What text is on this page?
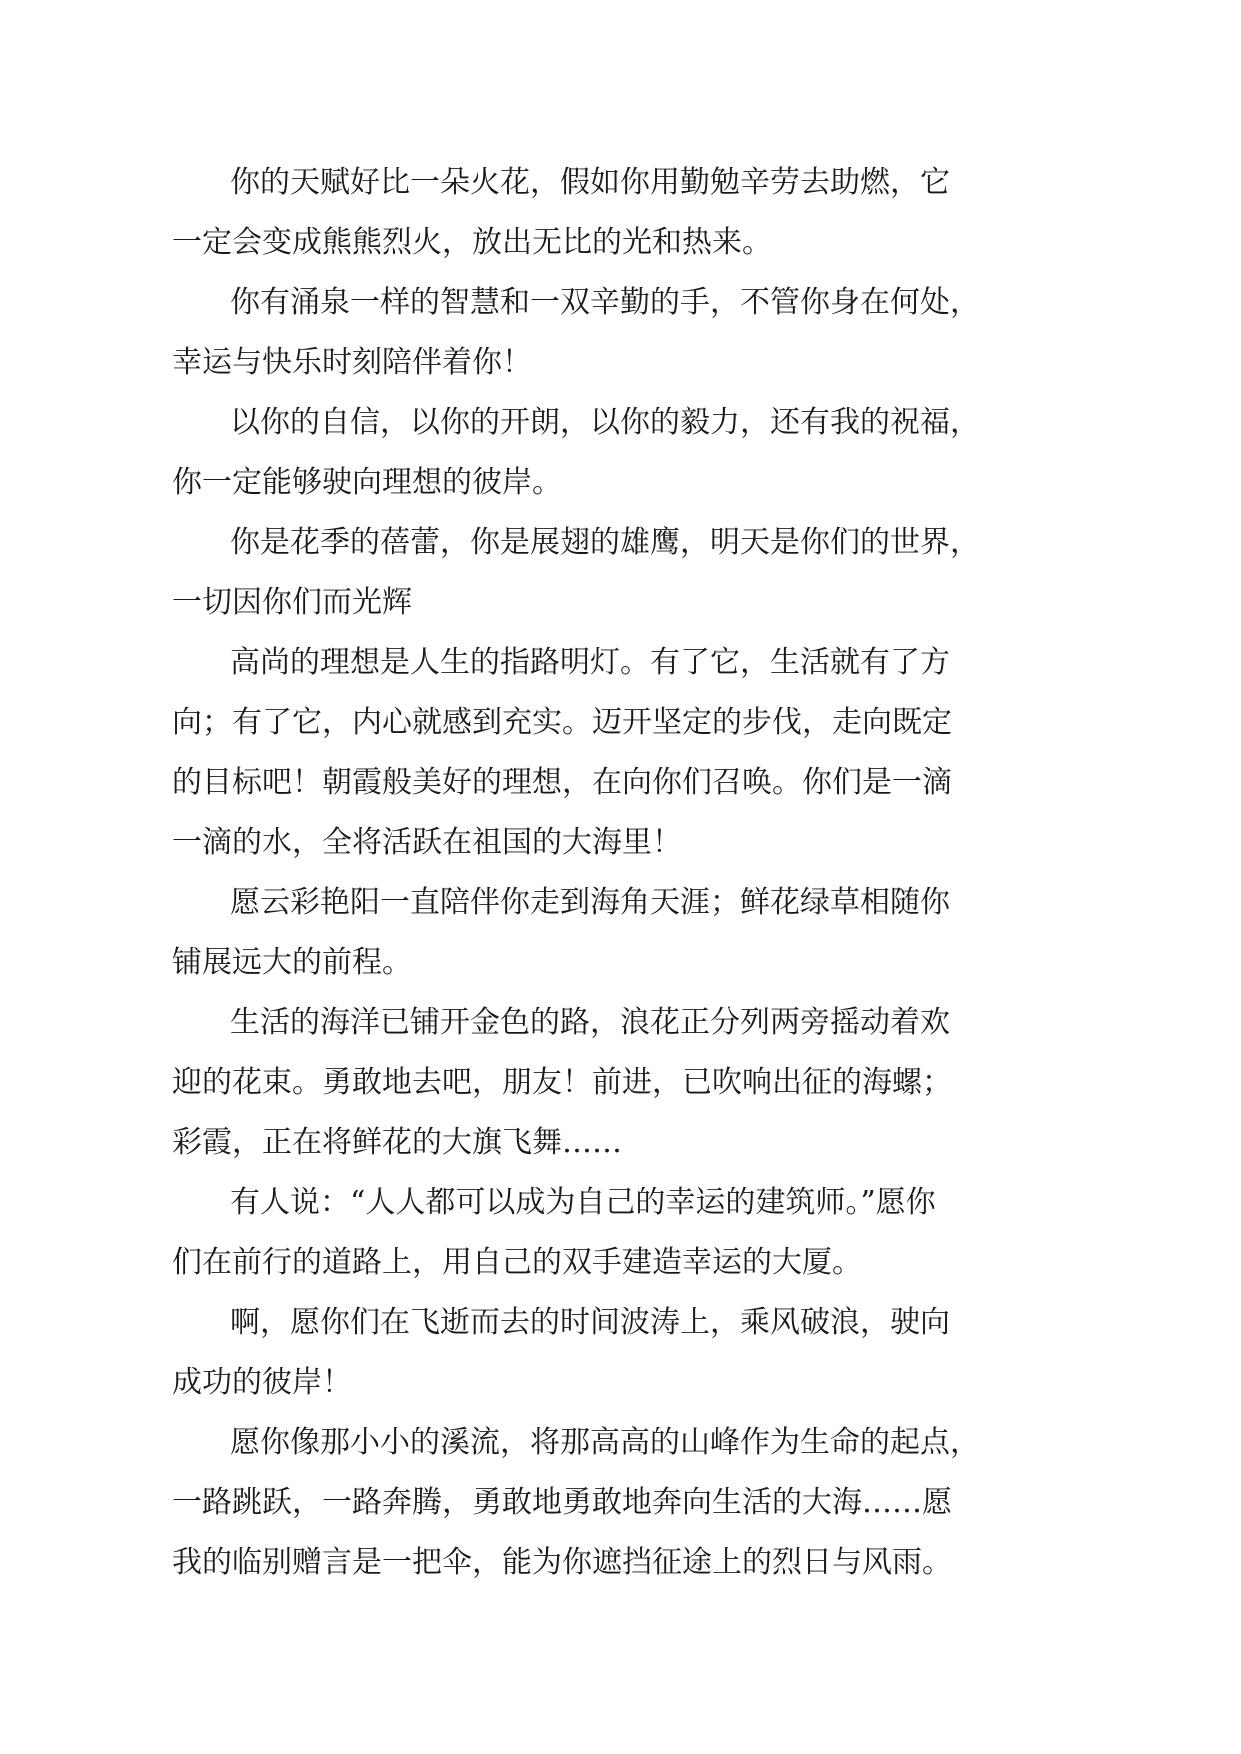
你的天赋好比一朵火花，假如你用勤勉辛劳去助燃，它
一定会变成熊熊烈火，放出无比的光和热来。
你有涌泉一样的智慧和一双辛勤的手，不管你身在何处，
幸运与快乐时刻陪伴着你！
以你的自信，以你的开朗，以你的毅力，还有我的祝福，
你一定能够驶向理想的彼岸。
你是花季的蓓蕾，你是展翅的雄鹰，明天是你们的世界，
一切因你们而光辉
高尚的理想是人生的指路明灯。有了它，生活就有了方
向；有了它，内心就感到充实。迈开坚定的步伐，走向既定
的目标吧！朝霞般美好的理想，在向你们召唤。你们是一滴
一滴的水，全将活跃在祖国的大海里！
愿云彩艳阳一直陪伴你走到海角天涯；鲜花绿草相随你
铺展远大的前程。
生活的海洋已铺开金色的路，浪花正分列两旁摇动着欢
迎的花束。勇敢地去吧，朋友！前进，已吹响出征的海螺；
彩霞，正在将鲜花的大旗飞舞……
有人说：“人人都可以成为自己的幸运的建筑师。”愿你
们在前行的道路上，用自己的双手建造幸运的大厦。
啊，愿你们在飞逝而去的时间波涛上，乘风破浪，驶向
成功的彼岸！
愿你像那小小的溪流，将那高高的山峰作为生命的起点，
一路跳跃，一路奔腾，勇敢地勇敢地奔向生活的大海……愿
我的临别赠言是一把伞，能为你遮挡征途上的烈日与风雨。
